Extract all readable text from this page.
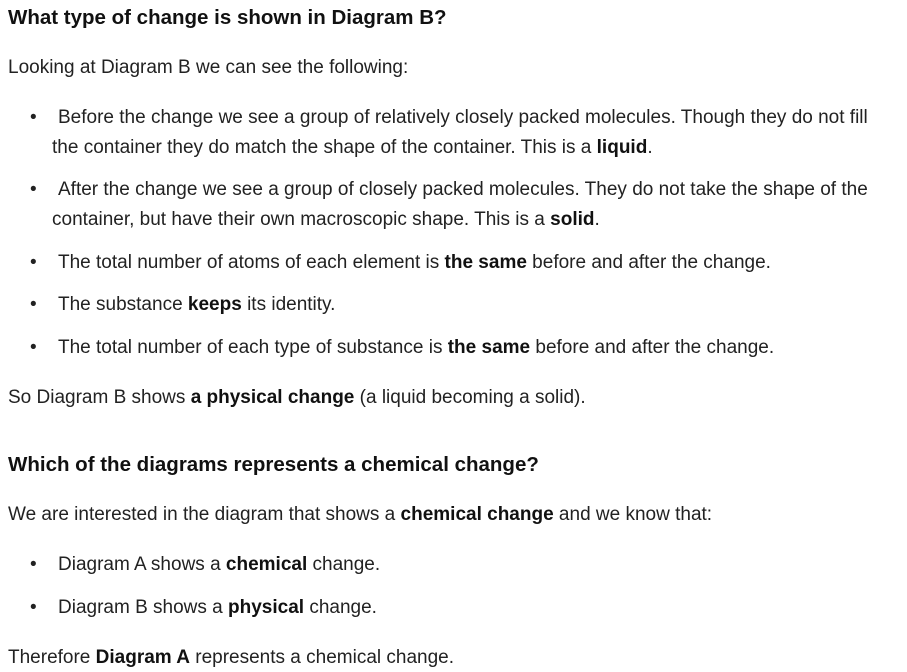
What type of change is shown in Diagram B?

Looking at Diagram B we can see the following:

•	Before the change we see a group of relatively closely packed molecules. Though they do not fill the container they do match the shape of the container. This is a liquid.
•	After the change we see a group of closely packed molecules. They do not take the shape of the container, but have their own macroscopic shape. This is a solid.
•	The total number of atoms of each element is the same before and after the change.
•	The substance keeps its identity.
•	The total number of each type of substance is the same before and after the change.

So Diagram B shows a physical change (a liquid becoming a solid).

Which of the diagrams represents a chemical change?

We are interested in the diagram that shows a chemical change and we know that:

•	Diagram A shows a chemical change.
•	Diagram B shows a physical change.

Therefore Diagram A represents a chemical change.
